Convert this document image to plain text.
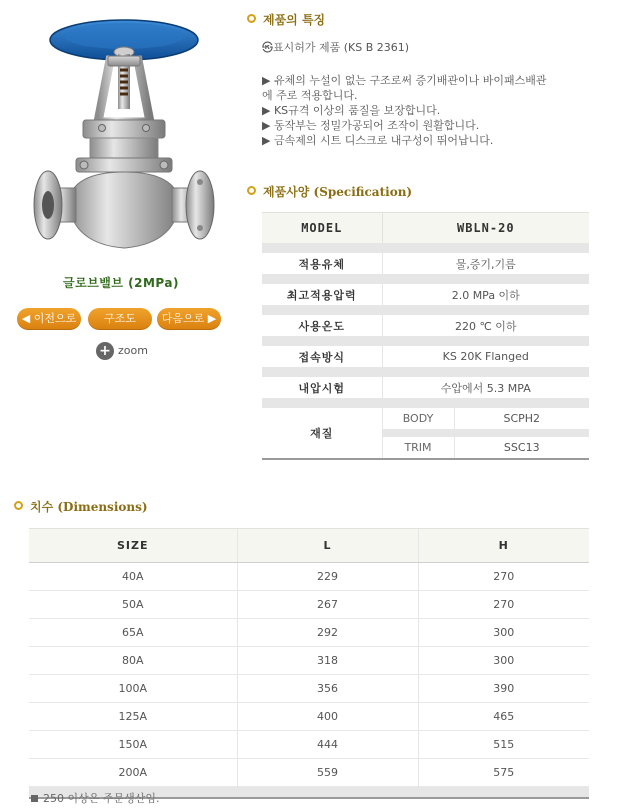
글로브밸브 (2MPa)
◀ 이전으로	구조도	다음으로 ▶
+ zoom
제품의 특징

㉿표시허가 제품 (KS B 2361)

▶ 유체의 누설이 없는 구조로써 증기배관이나 바이패스배관

에 주로 적용합니다.

▶ KS규격 이상의 품질을 보장합니다.

▶ 동작부는 정밀가공되어 조작이 원활합니다.

▶ 금속제의 시트 디스크로 내구성이 뛰어납니다.

제품사양 (Specification)
MODEL	WBLN-20	

적용유체	물,증기,기름	

최고적용압력	2.0 MPa 이하	

사용온도	220 ℃ 이하	

접속방식	KS 20K Flanged	

내압시험	수압에서 5.3 MPA	

재질	BODY	SCPH2

	TRIM	SSC13
치수 (Dimensions)
SIZE	L	H
40A	229	270
50A	267	270
65A	292	300
80A	318	300
100A	356	390
125A	400	465
150A	444	515
200A	559	575

250 이상은 주문생산임.
